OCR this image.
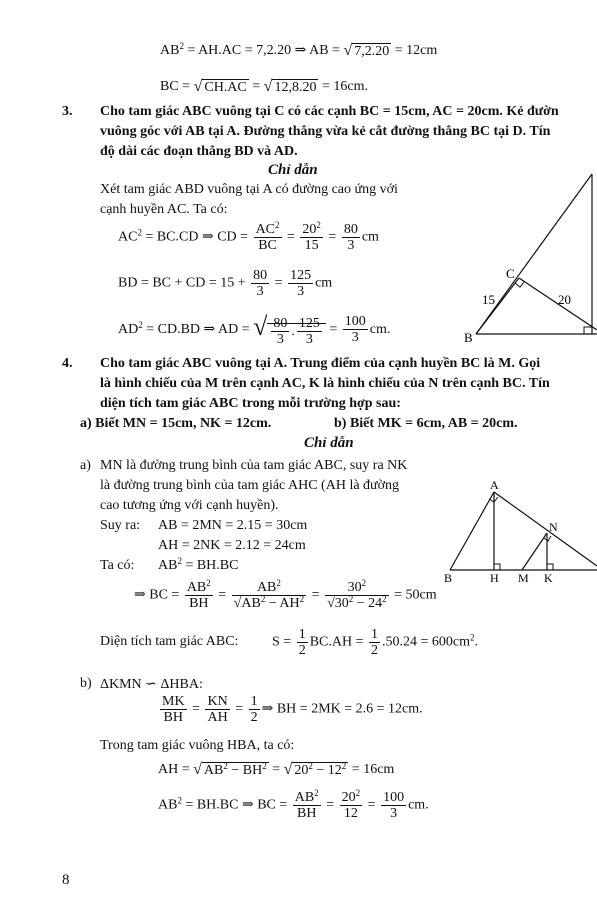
$AB^2 = AH.AC = 7,2.20$ ⇒ AB = √ 7,2.20 = 12cm
BC = √ CH.AC = √ 12,8.20 = 16cm.
3. Cho tam giác ABC vuông tại C có các cạnh BC = 15cm, AC = 20cm. Kẻ đườn
vuông góc với AB tại A. Đường thẳng vừa kẻ cắt đường thẳng BC tại D. Tín
độ dài các đoạn thẳng BD và AD.
Chỉ dẫn
Xét tam giác ABD vuông tại A có đường cao ứng với
cạnh huyền AC. Ta có:
$AC^2 = BC.CD$ ⇒ CD = $\frac{AC^2}{BC} = \frac{20^2}{15} = \frac{80}{3}$ cm
BD = BC + CD = $15 + \frac{80}{3} = \frac{125}{3}$ cm
$AD^2 = CD.BD$ ⇒ AD = √ $\frac{80}{3}$ . $\frac{125}{3} = \frac{100}{3}$ cm.
C
B
15	20
4. Cho tam giác ABC vuông tại A. Trung điểm của cạnh huyền BC là M. Gọi
là hình chiếu của M trên cạnh AC, K là hình chiếu của N trên cạnh BC. Tín
diện tích tam giác ABC trong mỗi trường hợp sau:
a) Biết MN = 15cm, NK = 12cm.	b) Biết MK = 6cm, AB = 20cm.
Chỉ dẫn
a) MN là đường trung bình của tam giác ABC, suy ra NK
là đường trung bình của tam giác AHC (AH là đường
cao tương ứng với cạnh huyền).
Suy ra: AB = 2MN = 2.15 = 30cm
AH = 2NK = 2.12 = 24cm
Ta có: $AB^2 = BH.BC$
⇒ BC = $\frac{AB^2}{BH} = \frac{AB^2}{√AB^2 - AH^2} = \frac{30^2}{√30^2 - 24^2} = 50cm$
Diện tích tam giác ABC: $S = \frac{1}{2} BC.AH = \frac{1}{2} .50.24 = 600cm^2$.
A
N
B	H M K
b) ΔKMN ∽ ΔHBA:
$\frac{MK}{BH} = \frac{KN}{AH} = \frac{1}{2}$ ⇒ BH = 2MK = 2.6 = 12cm.
Trong tam giác vuông HBA, ta có:
AH = √ $AB^2 - BH^2$ = √ $20^2 - 12^2 = 16cm$
$AB^2 = BH.BC$ ⇒ BC = $\frac{AB^2}{BH} = \frac{20^2}{12} = \frac{100}{3}$ cm.
8
